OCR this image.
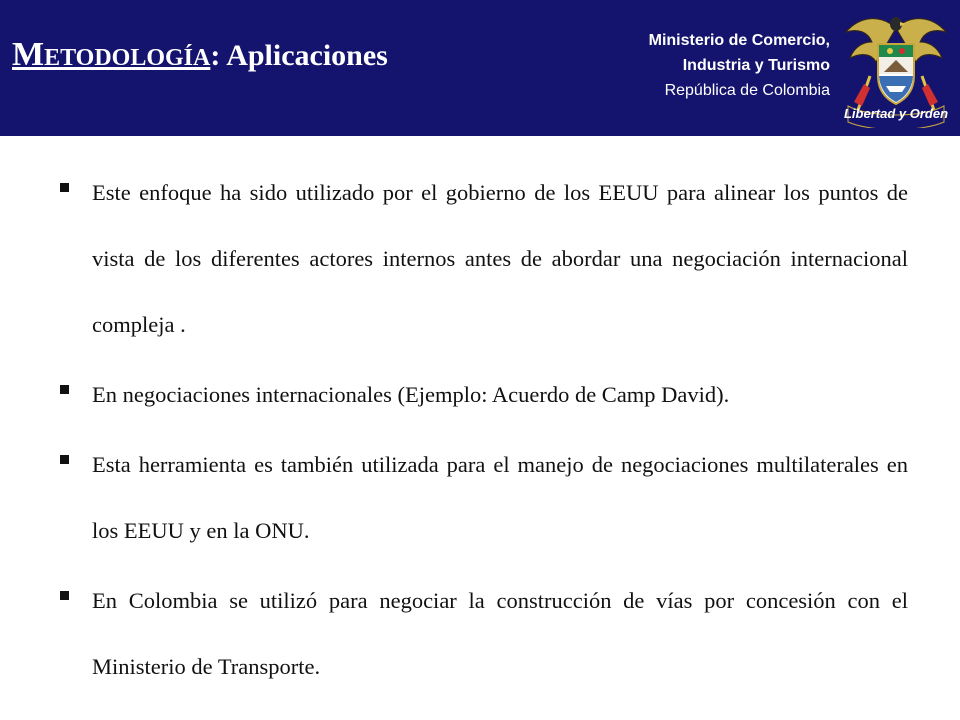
Metodología: Aplicaciones	Ministerio de Comercio,
Industria y Turismo
República de Colombia
Libertad y Orden
Este enfoque ha sido utilizado por el gobierno de los EEUU para alinear los puntos de vista de los diferentes actores internos antes de abordar una negociación internacional compleja .
En negociaciones internacionales (Ejemplo: Acuerdo de Camp David).
Esta herramienta es también utilizada para el manejo de negociaciones multilaterales en los EEUU y en la ONU.
En Colombia se utilizó para negociar la construcción de vías por concesión con el Ministerio de Transporte.
